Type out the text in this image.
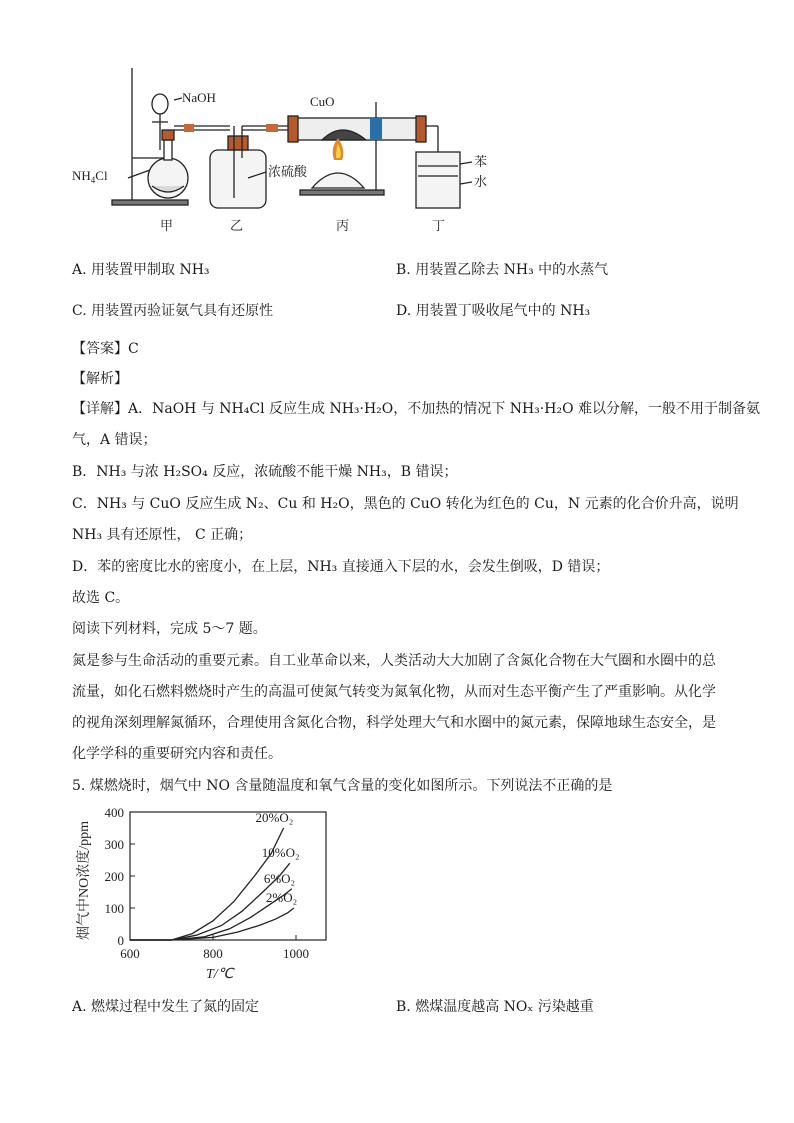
NaOH	CuO
$NH_4Cl$	浓硫酸
苯
水
甲	乙	丙	丁
A. 用装置甲制取 NH₃	B. 用装置乙除去 NH₃ 中的水蒸气
C. 用装置丙验证氨气具有还原性	D. 用装置丁吸收尾气中的 NH₃
【答案】C
【解析】
【详解】A．NaOH 与 NH₄Cl 反应生成 NH₃·H₂O，不加热的情况下 NH₃·H₂O 难以分解，一般不用于制备氨
气，A 错误；
B．NH₃ 与浓 H₂SO₄ 反应，浓硫酸不能干燥 NH₃，B 错误；
C．NH₃ 与 CuO 反应生成 N₂、Cu 和 H₂O，黑色的 CuO 转化为红色的 Cu，N 元素的化合价升高，说明
NH₃ 具有还原性， C 正确；
D．苯的密度比水的密度小，在上层，NH₃ 直接通入下层的水，会发生倒吸，D 错误；
故选 C。
阅读下列材料，完成 5～7 题。
氮是参与生命活动的重要元素。自工业革命以来，人类活动大大加剧了含氮化合物在大气圈和水圈中的总
流量，如化石燃料燃烧时产生的高温可使氮气转变为氮氧化物，从而对生态平衡产生了严重影响。从化学
的视角深刻理解氮循环，合理使用含氮化合物，科学处理大气和水圈中的氮元素，保障地球生态安全，是
化学学科的重要研究内容和责任。
5. 煤燃烧时，烟气中 NO 含量随温度和氧气含量的变化如图所示。下列说法不正确的是
0
100
200
300
400
600	800	1000
20%O₂
10%O₂
6%O₂
2%O₂
烟气中NO浓度/ppm
T/℃
A. 燃煤过程中发生了氮的固定	B. 燃煤温度越高 NOₓ 污染越重
